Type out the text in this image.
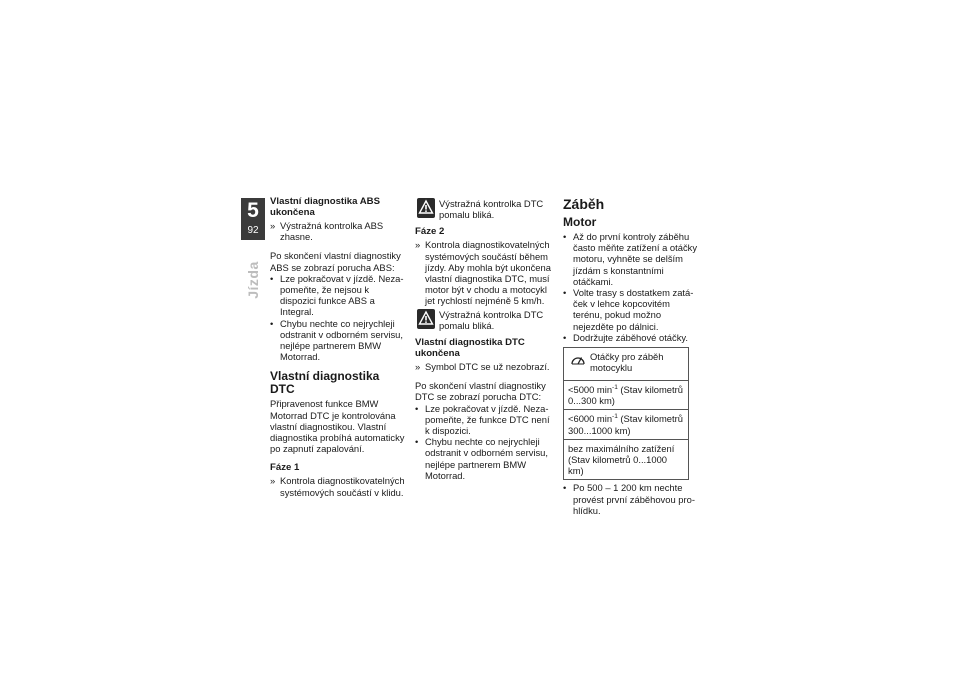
5
92
Jízda
Vlastní diagnostika ABS ukončena
» Výstražná kontrolka ABS zhasne.

Po skončení vlastní diagnostiky ABS se zobrazí porucha ABS:

• Lze pokračovat v jízdě. Nezapomeňte, že nejsou k dispozici funkce ABS a Integral.
• Chybu nechte co nejrychleji odstranit v odborném servisu, nejlépe partnerem BMW Motorrad.
Vlastní diagnostika DTC

Připravenost funkce BMW Motorrad DTC je kontrolována vlastní diagnostikou. Vlastní diagnostika probíhá automaticky po zapnutí zapalování.

Fáze 1
» Kontrola diagnostikovatelných systémových součástí v klidu.
Výstražná kontrolka DTC pomalu bliká.
Fáze 2
» Kontrola diagnostikovatelných systémových součástí během jízdy. Aby mohla být ukončena vlastní diagnostika DTC, musí motor být v chodu a motocykl jet rychlostí nejméně 5 km/h.
Výstražná kontrolka DTC pomalu bliká.
Vlastní diagnostika DTC ukončena
» Symbol DTC se už nezobrazí.

Po skončení vlastní diagnostiky DTC se zobrazí porucha DTC:

• Lze pokračovat v jízdě. Nezapomeňte, že funkce DTC není k dispozici.
• Chybu nechte co nejrychleji odstranit v odborném servisu, nejlépe partnerem BMW Motorrad.
Záběh
Motor
• Až do první kontroly záběhu často měňte zatížení a otáčky motoru, vyhněte se delším jízdám s konstantními otáčkami.
• Volte trasy s dostatkem zatáček v lehce kopcovitém terénu, pokud možno nejezděte po dálnici.
• Dodržujte záběhové otáčky.
Otáčky pro záběh motocyklu

<5000 $\min^{-1}$ (Stav kilometrů 0...300 km)
<6000 $\min^{-1}$ (Stav kilometrů 300...1000 km)
bez maximálního zatížení (Stav kilometrů 0...1000 km)
• Po 500 – 1 200 km nechte provést první záběhovou prohlídku.
